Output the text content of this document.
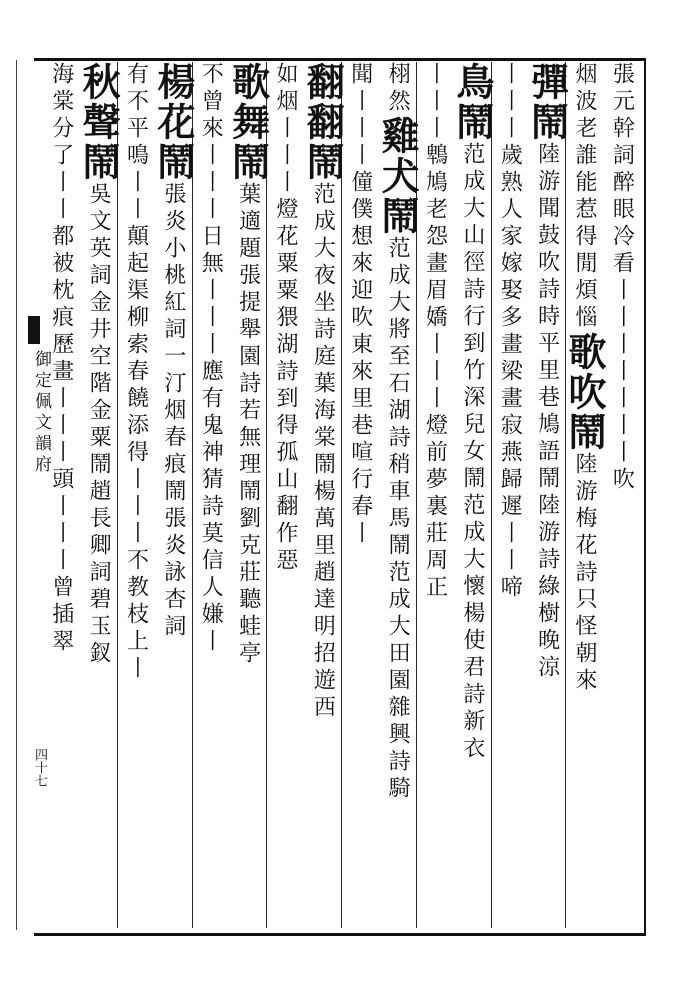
御定佩文韻府
四十七
張元幹詞醉眼冷看丨丨丨丨丨丨丨吹
烟波老誰能惹得閒煩惱歌吹鬧陸游梅花詩只怪朝來
彈鬧陸游聞鼓吹詩時平里巷鳩語鬧陸游詩綠樹晚涼
丨丨丨歲熟人家嫁娶多畫梁畫寂燕歸遲丨丨啼
鳥鬧范成大山徑詩行到竹深兒女鬧范成大懷楊使君詩新衣
丨丨丨鵯鳩老怨畫眉嬌丨丨丨燈前夢裏莊周正
栩然雞犬鬧范成大將至石湖詩稍車馬鬧范成大田園雜興詩騎
聞丨丨丨僮僕想來迎吹東來里巷喧行春丨
翻翻鬧范成大夜坐詩庭葉海棠鬧楊萬里趙達明招遊西
如烟丨丨丨燈花粟粟猥湖詩到得孤山翻作惡
歌舞鬧葉適題張提舉園詩若無理鬧劉克莊聽蛙亭
不曾來丨丨丨日無丨丨丨應有鬼神猜詩莫信人嫌丨
楊花鬧張炎小桃紅詞一汀烟春痕鬧張炎詠杏詞
有不平鳴丨丨顛起渠柳索春饒添得丨丨丨不教枝上丨
秋聲鬧吳文英詞金井空階金粟鬧趙長卿詞碧玉釵
海棠分了丨丨都被枕痕歷畫丨丨丨頭丨丨丨曾插翠
